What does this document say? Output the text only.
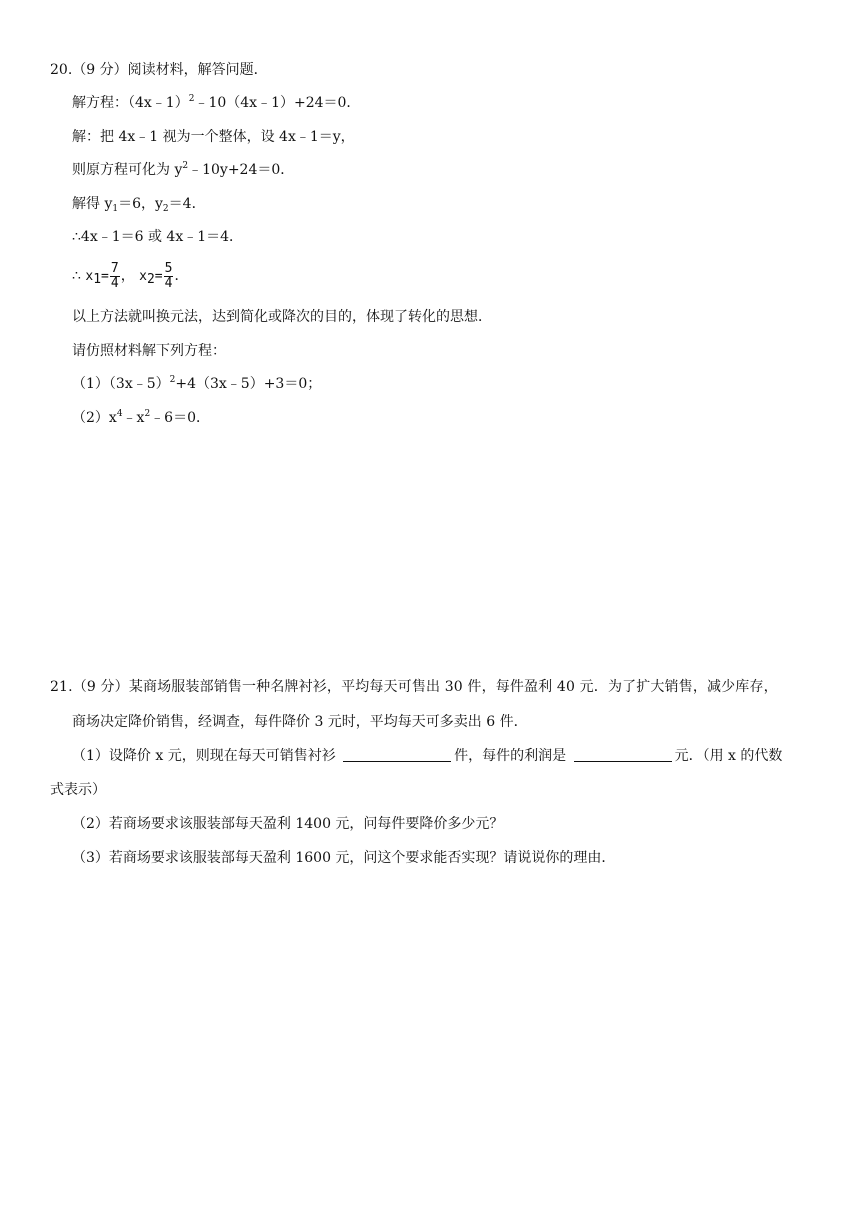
20.（9 分）阅读材料，解答问题．
解方程：（4x﹣1）$^2$﹣10（4x﹣1）+24＝0．
解：把 4x﹣1 视为一个整体，设 4x﹣1＝y，
则原方程可化为 $y^2﹣10y+24=0$．
解得 $y_1=6$，$y_2=4$．
∴4x﹣1＝6 或 4x﹣1＝4．
∴ $x_1= \frac{7}{4}$ ， $x_2= \frac{5}{4}$ ．
以上方法就叫换元法，达到简化或降次的目的，体现了转化的思想．
请仿照材料解下列方程：
（1）（3x﹣5）$^2$+4（3x﹣5）+3＝0；
$(2)x^4﹣x^2﹣6=0$．
21.（9 分）某商场服装部销售一种名牌衬衫，平均每天可售出 30 件，每件盈利 40 元．为了扩大销售，减少库存，
商场决定降价销售，经调查，每件降价 3 元时，平均每天可多卖出 6 件．
（1）设降价 x 元，则现在每天可销售衬衫	件，每件的利润是	元．（用 x 的代数
式表示）
（2）若商场要求该服装部每天盈利 1400 元，问每件要降价多少元？
（3）若商场要求该服装部每天盈利 1600 元，问这个要求能否实现？请说说你的理由．
